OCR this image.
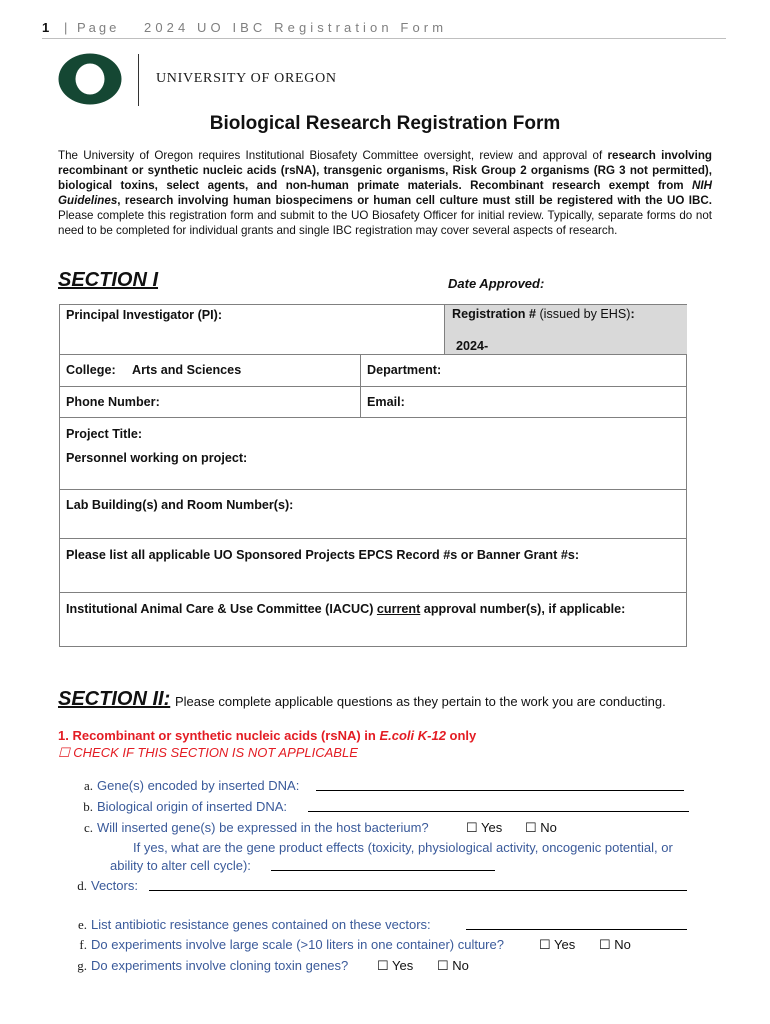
1 | Page 2024 UO IBC Registration Form
UNIVERSITY OF OREGON
Biological Research Registration Form
The University of Oregon requires Institutional Biosafety Committee oversight, review and approval of research involving recombinant or synthetic nucleic acids (rsNA), transgenic organisms, Risk Group 2 organisms (RG 3 not permitted), biological toxins, select agents, and non-human primate materials. Recombinant research exempt from NIH Guidelines, research involving human biospecimens or human cell culture must still be registered with the UO IBC. Please complete this registration form and submit to the UO Biosafety Officer for initial review. Typically, separate forms do not need to be completed for individual grants and single IBC registration may cover several aspects of research.
SECTION I	Date Approved:
Principal Investigator (PI):	Registration # (issued by EHS):
2024-
College: Arts and Sciences	Department:
Phone Number:	Email:
Project Title:
Personnel working on project:
Lab Building(s) and Room Number(s):
Please list all applicable UO Sponsored Projects EPCS Record #s or Banner Grant #s:
Institutional Animal Care & Use Committee (IACUC) current approval number(s), if applicable:
SECTION II: Please complete applicable questions as they pertain to the work you are conducting.
1. Recombinant or synthetic nucleic acids (rsNA) in E.coli K-12 only
☐ CHECK IF THIS SECTION IS NOT APPLICABLE
a. Gene(s) encoded by inserted DNA:
b. Biological origin of inserted DNA:
c. Will inserted gene(s) be expressed in the host bacterium?	☐ Yes ☐ No
If yes, what are the gene product effects (toxicity, physiological activity, oncogenic potential, or
ability to alter cell cycle):
d. Vectors:
e. List antibiotic resistance genes contained on these vectors:
f. Do experiments involve large scale (>10 liters in one container) culture?	☐ Yes ☐ No
g. Do experiments involve cloning toxin genes? ☐ Yes ☐ No
